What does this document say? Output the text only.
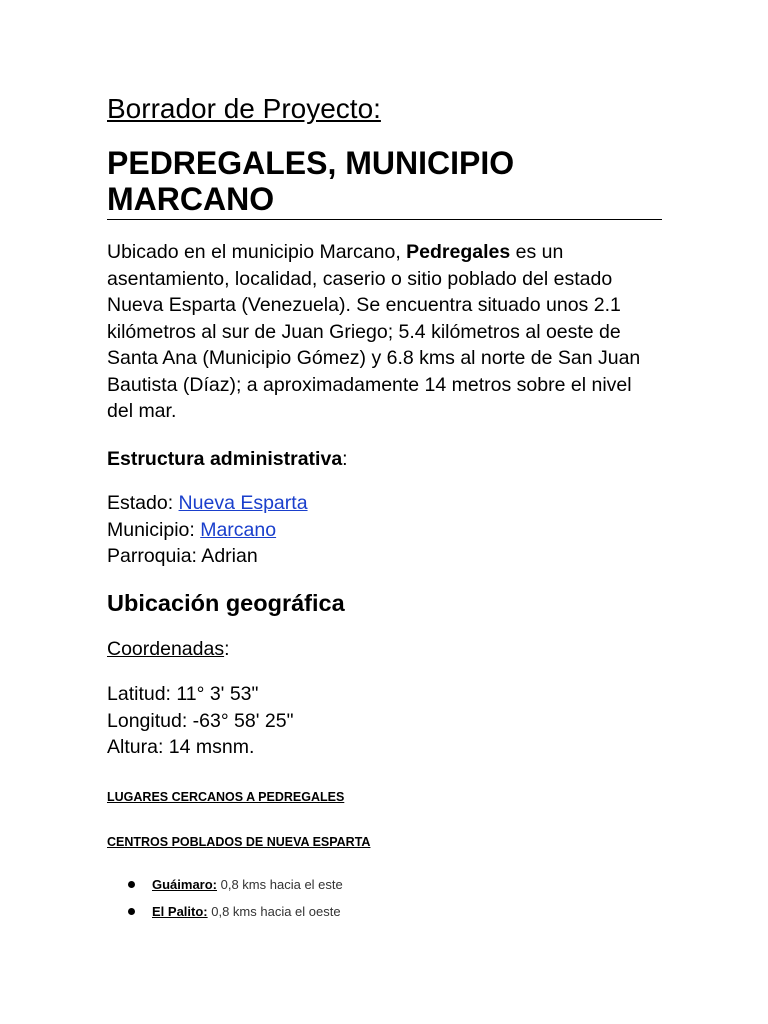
Borrador de Proyecto:
PEDREGALES, MUNICIPIO MARCANO

Ubicado en el municipio Marcano, Pedregales es un asentamiento, localidad, caserio o sitio poblado del estado Nueva Esparta (Venezuela). Se encuentra situado unos 2.1 kilómetros al sur de Juan Griego; 5.4 kilómetros al oeste de Santa Ana (Municipio Gómez) y 6.8 kms al norte de San Juan Bautista (Díaz); a aproximadamente 14 metros sobre el nivel del mar.

Estructura administrativa:
Estado: Nueva Esparta
Municipio: Marcano
Parroquia: Adrian
Ubicación geográfica
Coordenadas:
Latitud: 11° 3' 53"
Longitud: -63° 58' 25"
Altura: 14 msnm.
LUGARES CERCANOS A PEDREGALES
CENTROS POBLADOS DE NUEVA ESPARTA
Guáimaro: 0,8 kms hacia el este
El Palito: 0,8 kms hacia el oeste
